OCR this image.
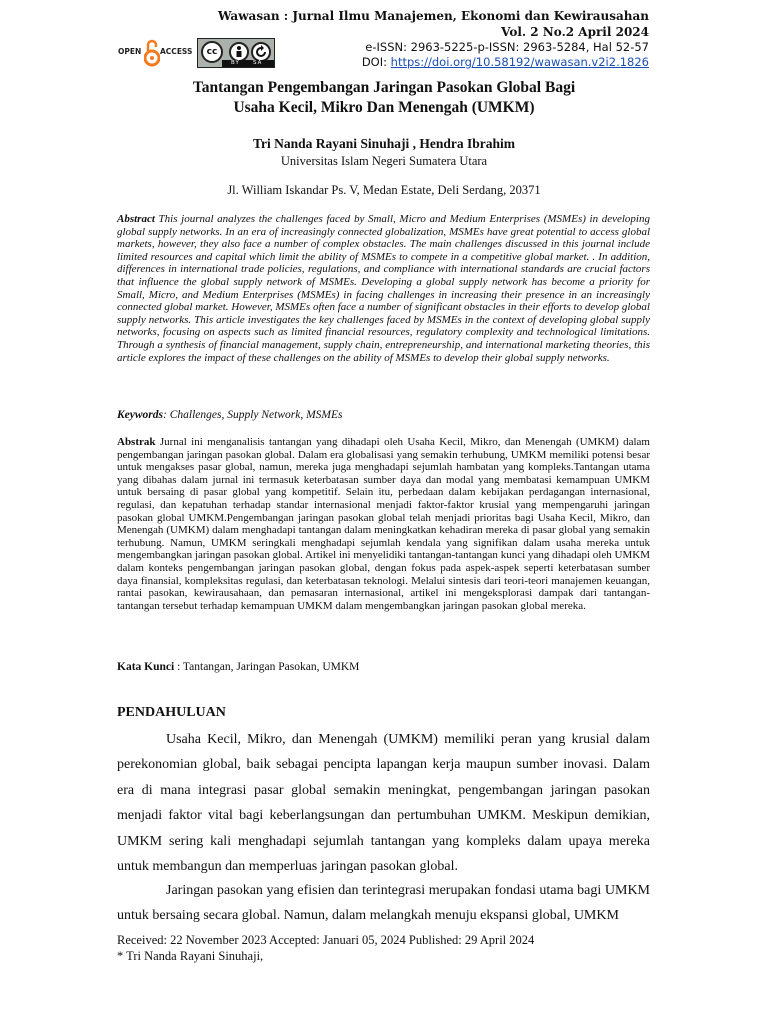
Wawasan : Jurnal Ilmu Manajemen, Ekonomi dan Kewirausahan
Vol. 2 No.2 April 2024
e-ISSN: 2963-5225-p-ISSN: 2963-5284, Hal 52-57
DOI: https://doi.org/10.58192/wawasan.v2i2.1826
OPEN ACCESS	cc
BY SA
Tantangan Pengembangan Jaringan Pasokan Global Bagi
Usaha Kecil, Mikro Dan Menengah (UMKM)
Tri Nanda Rayani Sinuhaji , Hendra Ibrahim
Universitas Islam Negeri Sumatera Utara
Jl. William Iskandar Ps. V, Medan Estate, Deli Serdang, 20371
Abstract This journal analyzes the challenges faced by Small, Micro and Medium Enterprises (MSMEs) in developing global supply networks. In an era of increasingly connected globalization, MSMEs have great potential to access global markets, however, they also face a number of complex obstacles. The main challenges discussed in this journal include limited resources and capital which limit the ability of MSMEs to compete in a competitive global market. . In addition, differences in international trade policies, regulations, and compliance with international standards are crucial factors that influence the global supply network of MSMEs. Developing a global supply network has become a priority for Small, Micro, and Medium Enterprises (MSMEs) in facing challenges in increasing their presence in an increasingly connected global market. However, MSMEs often face a number of significant obstacles in their efforts to develop global supply networks. This article investigates the key challenges faced by MSMEs in the context of developing global supply networks, focusing on aspects such as limited financial resources, regulatory complexity and technological limitations. Through a synthesis of financial management, supply chain, entrepreneurship, and international marketing theories, this article explores the impact of these challenges on the ability of MSMEs to develop their global supply networks.
Keywords: Challenges, Supply Network, MSMEs
Abstrak Jurnal ini menganalisis tantangan yang dihadapi oleh Usaha Kecil, Mikro, dan Menengah (UMKM) dalam pengembangan jaringan pasokan global. Dalam era globalisasi yang semakin terhubung, UMKM memiliki potensi besar untuk mengakses pasar global, namun, mereka juga menghadapi sejumlah hambatan yang kompleks.Tantangan utama yang dibahas dalam jurnal ini termasuk keterbatasan sumber daya dan modal yang membatasi kemampuan UMKM untuk bersaing di pasar global yang kompetitif. Selain itu, perbedaan dalam kebijakan perdagangan internasional, regulasi, dan kepatuhan terhadap standar internasional menjadi faktor-faktor krusial yang mempengaruhi jaringan pasokan global UMKM.Pengembangan jaringan pasokan global telah menjadi prioritas bagi Usaha Kecil, Mikro, dan Menengah (UMKM) dalam menghadapi tantangan dalam meningkatkan kehadiran mereka di pasar global yang semakin terhubung. Namun, UMKM seringkali menghadapi sejumlah kendala yang signifikan dalam usaha mereka untuk mengembangkan jaringan pasokan global. Artikel ini menyelidiki tantangan-tantangan kunci yang dihadapi oleh UMKM dalam konteks pengembangan jaringan pasokan global, dengan fokus pada aspek-aspek seperti keterbatasan sumber daya finansial, kompleksitas regulasi, dan keterbatasan teknologi. Melalui sintesis dari teori-teori manajemen keuangan, rantai pasokan, kewirausahaan, dan pemasaran internasional, artikel ini mengeksplorasi dampak dari tantangan-tantangan tersebut terhadap kemampuan UMKM dalam mengembangkan jaringan pasokan global mereka.
Kata Kunci : Tantangan, Jaringan Pasokan, UMKM
PENDAHULUAN
Usaha Kecil, Mikro, dan Menengah (UMKM) memiliki peran yang krusial dalam perekonomian global, baik sebagai pencipta lapangan kerja maupun sumber inovasi. Dalam era di mana integrasi pasar global semakin meningkat, pengembangan jaringan pasokan menjadi faktor vital bagi keberlangsungan dan pertumbuhan UMKM. Meskipun demikian, UMKM sering kali menghadapi sejumlah tantangan yang kompleks dalam upaya mereka untuk membangun dan memperluas jaringan pasokan global.
Jaringan pasokan yang efisien dan terintegrasi merupakan fondasi utama bagi UMKM untuk bersaing secara global. Namun, dalam melangkah menuju ekspansi global, UMKM
Received: 22 November 2023 Accepted: Januari 05, 2024 Published: 29 April 2024
* Tri Nanda Rayani Sinuhaji,
